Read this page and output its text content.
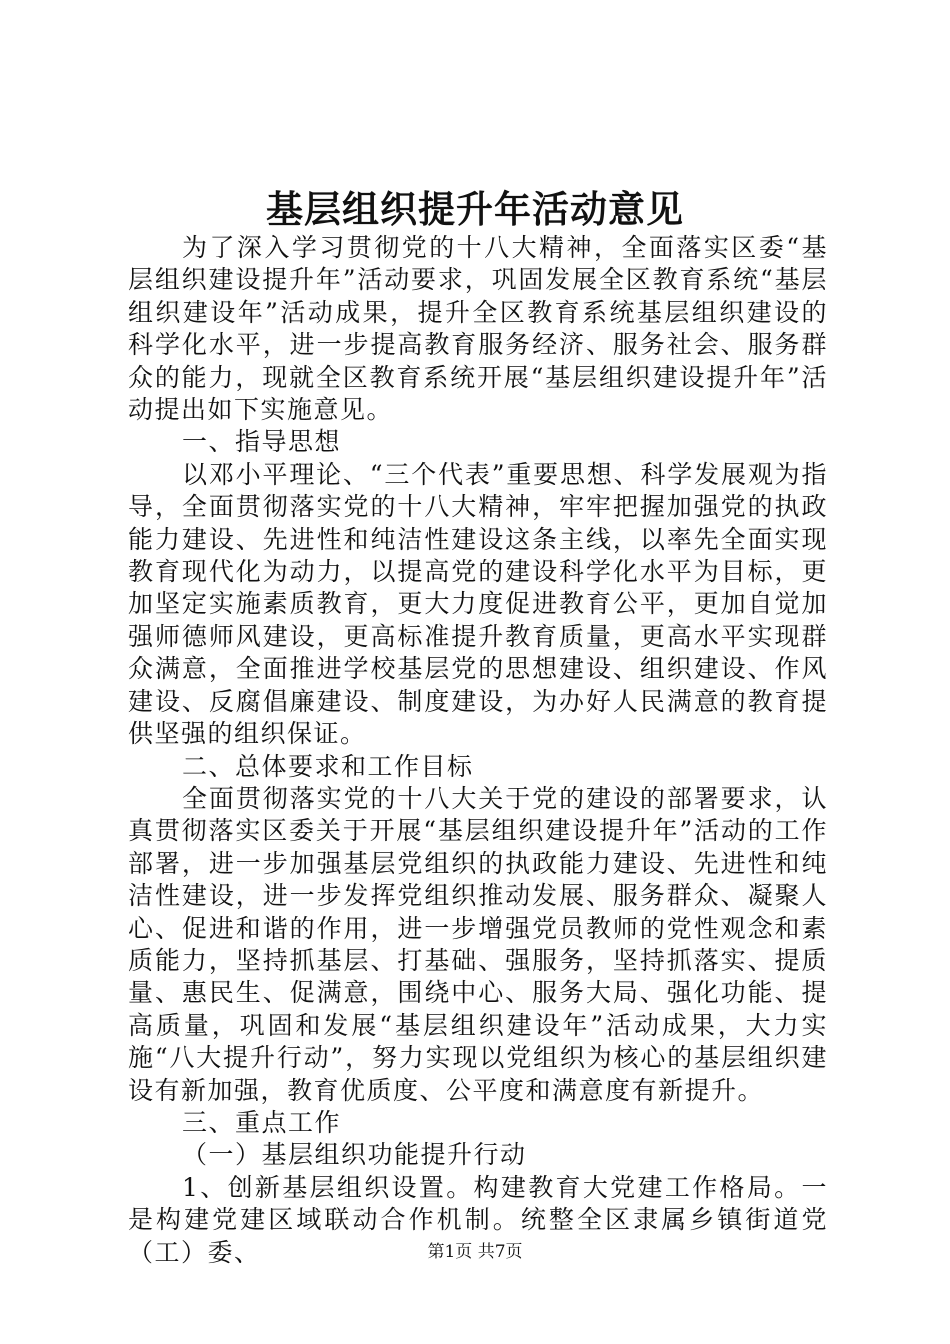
基层组织提升年活动意见

为了深入学习贯彻党的十八大精神，全面落实区委“基层组织建设提升年”活动要求，巩固发展全区教育系统“基层组织建设年”活动成果，提升全区教育系统基层组织建设的科学化水平，进一步提高教育服务经济、服务社会、服务群众的能力，现就全区教育系统开展“基层组织建设提升年”活动提出如下实施意见。

一、指导思想

以邓小平理论、“三个代表”重要思想、科学发展观为指导，全面贯彻落实党的十八大精神，牢牢把握加强党的执政能力建设、先进性和纯洁性建设这条主线，以率先全面实现教育现代化为动力，以提高党的建设科学化水平为目标，更加坚定实施素质教育，更大力度促进教育公平，更加自觉加强师德师风建设，更高标准提升教育质量，更高水平实现群众满意，全面推进学校基层党的思想建设、组织建设、作风建设、反腐倡廉建设、制度建设，为办好人民满意的教育提供坚强的组织保证。

二、总体要求和工作目标

全面贯彻落实党的十八大关于党的建设的部署要求，认真贯彻落实区委关于开展“基层组织建设提升年”活动的工作部署，进一步加强基层党组织的执政能力建设、先进性和纯洁性建设，进一步发挥党组织推动发展、服务群众、凝聚人心、促进和谐的作用，进一步增强党员教师的党性观念和素质能力，坚持抓基层、打基础、强服务，坚持抓落实、提质量、惠民生、促满意，围绕中心、服务大局、强化功能、提高质量，巩固和发展“基层组织建设年”活动成果，大力实施“八大提升行动”，努力实现以党组织为核心的基层组织建设有新加强，教育优质度、公平度和满意度有新提升。

三、重点工作

（一）基层组织功能提升行动

1、创新基层组织设置。构建教育大党建工作格局。一是构建党建区域联动合作机制。统整全区隶属乡镇街道党（工）委、	第1页 共7页
